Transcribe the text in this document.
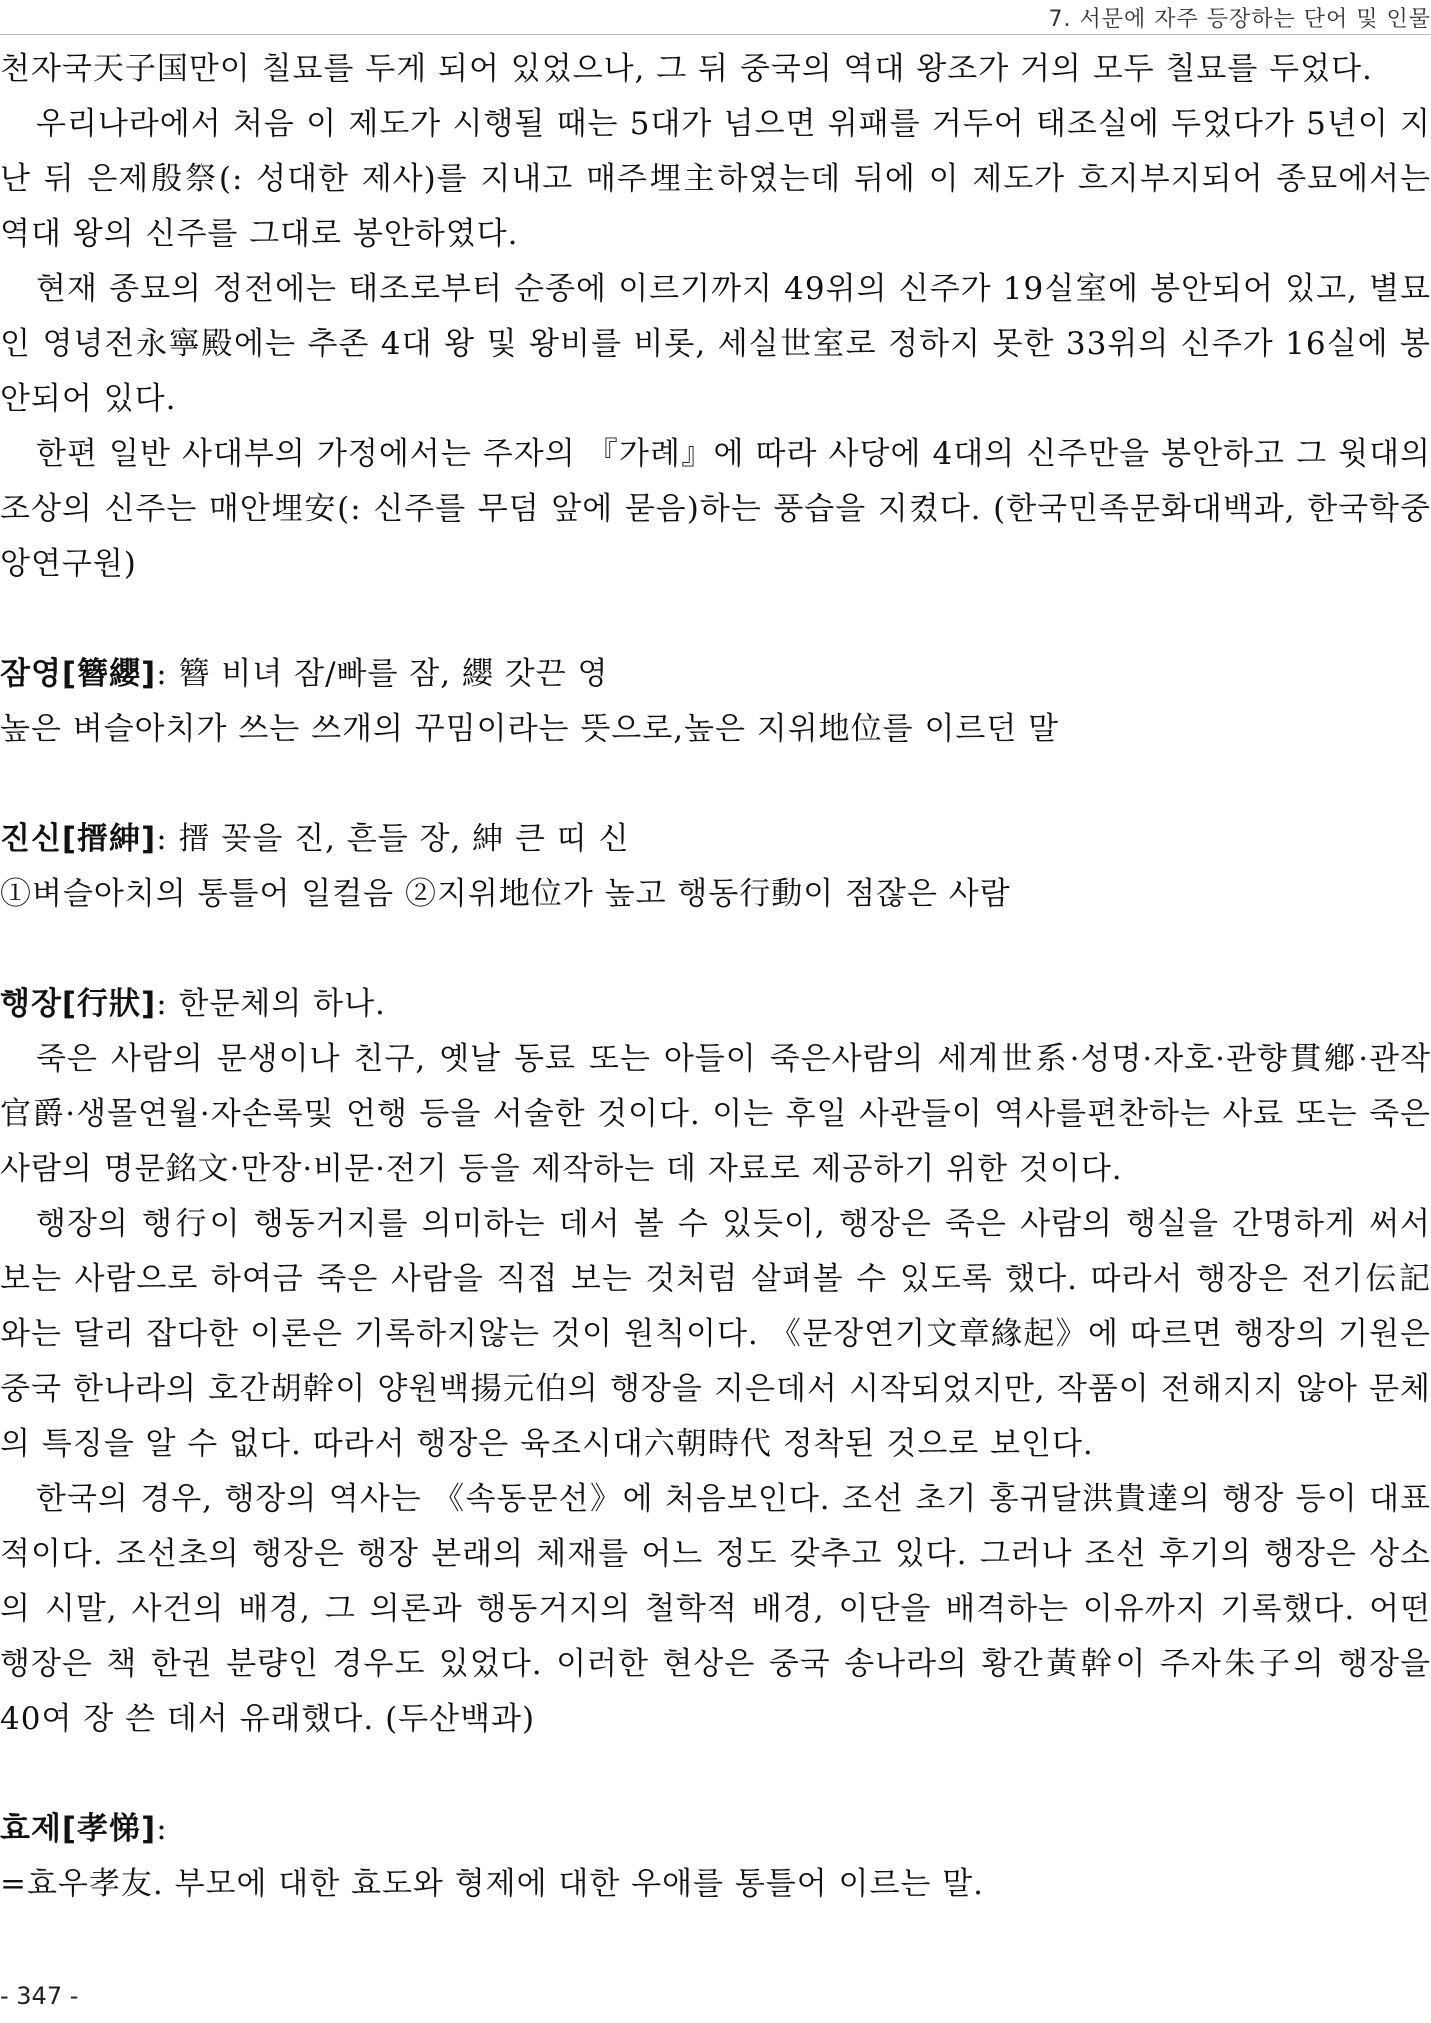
7. 서문에 자주 등장하는 단어 및 인물

천자국天子国만이 칠묘를 두게 되어 있었으나, 그 뒤 중국의 역대 왕조가 거의 모두 칠묘를 두었다.

우리나라에서 처음 이 제도가 시행될 때는 5대가 넘으면 위패를 거두어 태조실에 두었다가 5년이 지난 뒤 은제殷祭(: 성대한 제사)를 지내고 매주埋主하였는데 뒤에 이 제도가 흐지부지되어 종묘에서는 역대 왕의 신주를 그대로 봉안하였다.

현재 종묘의 정전에는 태조로부터 순종에 이르기까지 49위의 신주가 19실室에 봉안되어 있고, 별묘인 영녕전永寧殿에는 추존 4대 왕 및 왕비를 비롯, 세실世室로 정하지 못한 33위의 신주가 16실에 봉안되어 있다.

한편 일반 사대부의 가정에서는 주자의 『가례』에 따라 사당에 4대의 신주만을 봉안하고 그 윗대의 조상의 신주는 매안埋安(: 신주를 무덤 앞에 묻음)하는 풍습을 지켰다. (한국민족문화대백과, 한국학중앙연구원)

잠영[簪纓]: 簪 비녀 잠/빠를 잠, 纓 갓끈 영

높은 벼슬아치가 쓰는 쓰개의 꾸밈이라는 뜻으로,높은 지위地位를 이르던 말

진신[搢紳]: 搢 꽂을 진, 흔들 장, 紳 큰 띠 신

①벼슬아치의 통틀어 일컬음 ②지위地位가 높고 행동行動이 점잖은 사람

행장[行狀]: 한문체의 하나.

죽은 사람의 문생이나 친구, 옛날 동료 또는 아들이 죽은사람의 세계世系·성명·자호·관향貫鄕·관작官爵·생몰연월·자손록및 언행 등을 서술한 것이다. 이는 후일 사관들이 역사를편찬하는 사료 또는 죽은 사람의 명문銘文·만장·비문·전기 등을 제작하는 데 자료로 제공하기 위한 것이다.

행장의 행行이 행동거지를 의미하는 데서 볼 수 있듯이, 행장은 죽은 사람의 행실을 간명하게 써서 보는 사람으로 하여금 죽은 사람을 직접 보는 것처럼 살펴볼 수 있도록 했다. 따라서 행장은 전기伝記와는 달리 잡다한 이론은 기록하지않는 것이 원칙이다. 《문장연기文章緣起》에 따르면 행장의 기원은 중국 한나라의 호간胡幹이 양원백揚元伯의 행장을 지은데서 시작되었지만, 작품이 전해지지 않아 문체의 특징을 알 수 없다. 따라서 행장은 육조시대六朝時代 정착된 것으로 보인다.

한국의 경우, 행장의 역사는 《속동문선》에 처음보인다. 조선 초기 홍귀달洪貴達의 행장 등이 대표적이다. 조선초의 행장은 행장 본래의 체재를 어느 정도 갖추고 있다. 그러나 조선 후기의 행장은 상소의 시말, 사건의 배경, 그 의론과 행동거지의 철학적 배경, 이단을 배격하는 이유까지 기록했다. 어떤 행장은 책 한권 분량인 경우도 있었다. 이러한 현상은 중국 송나라의 황간黃幹이 주자朱子의 행장을 40여 장 쓴 데서 유래했다. (두산백과)

효제[孝悌]:

=효우孝友. 부모에 대한 효도와 형제에 대한 우애를 통틀어 이르는 말.

- 347 -
